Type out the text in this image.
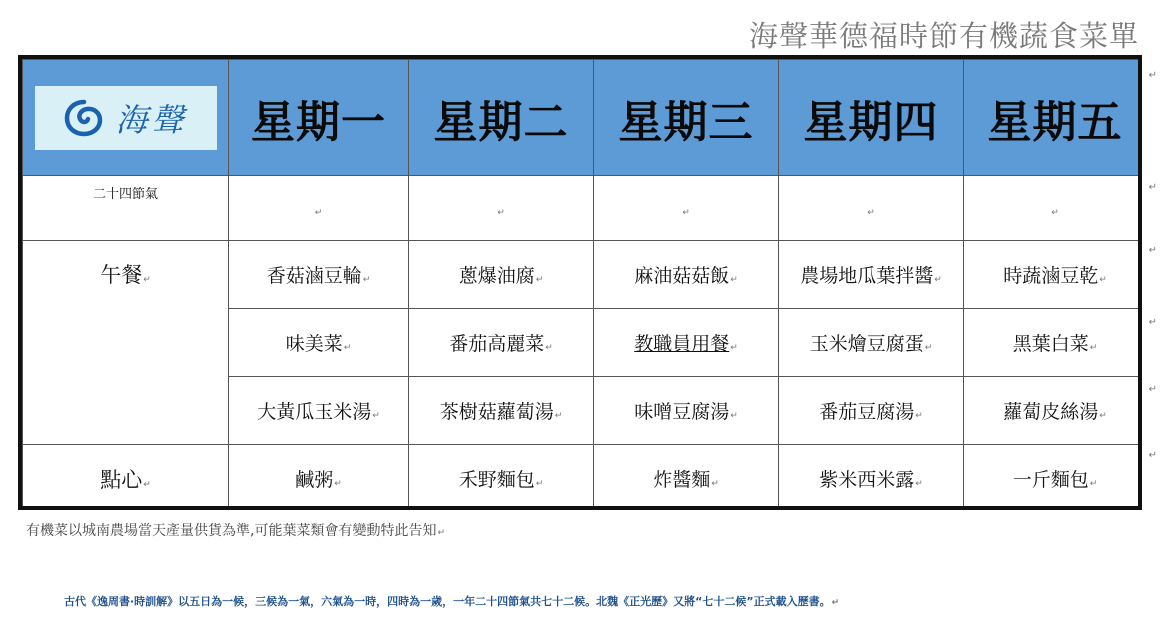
海聲華德福時節有機蔬食菜單
海聲	星期一	星期二	星期三	星期四	星期五

二十四節氣	↵	↵	↵	↵	↵

午餐↵	香菇滷豆輪↵	蔥爆油腐↵	麻油菇菇飯↵	農場地瓜葉拌醬↵	時蔬滷豆乾↵
	味美菜↵	番茄高麗菜↵	教職員用餐↵	玉米燴豆腐蛋↵	黑葉白菜↵
	大黃瓜玉米湯↵	茶樹菇蘿蔔湯↵	味噌豆腐湯↵	番茄豆腐湯↵	蘿蔔皮絲湯↵
點心↵	鹹粥↵	禾野麵包↵	炸醬麵↵	紫米西米露↵	一斤麵包↵
↵
↵
↵
↵
↵
↵
有機菜以城南農場當天產量供貨為準,可能葉菜類會有變動特此告知↵
古代《逸周書·時訓解》以五日為一候，三候為一氣，六氣為一時，四時為一歲，一年二十四節氣共七十二候。北魏《正光歷》又將“七十二候”正式載入歷書。↵
